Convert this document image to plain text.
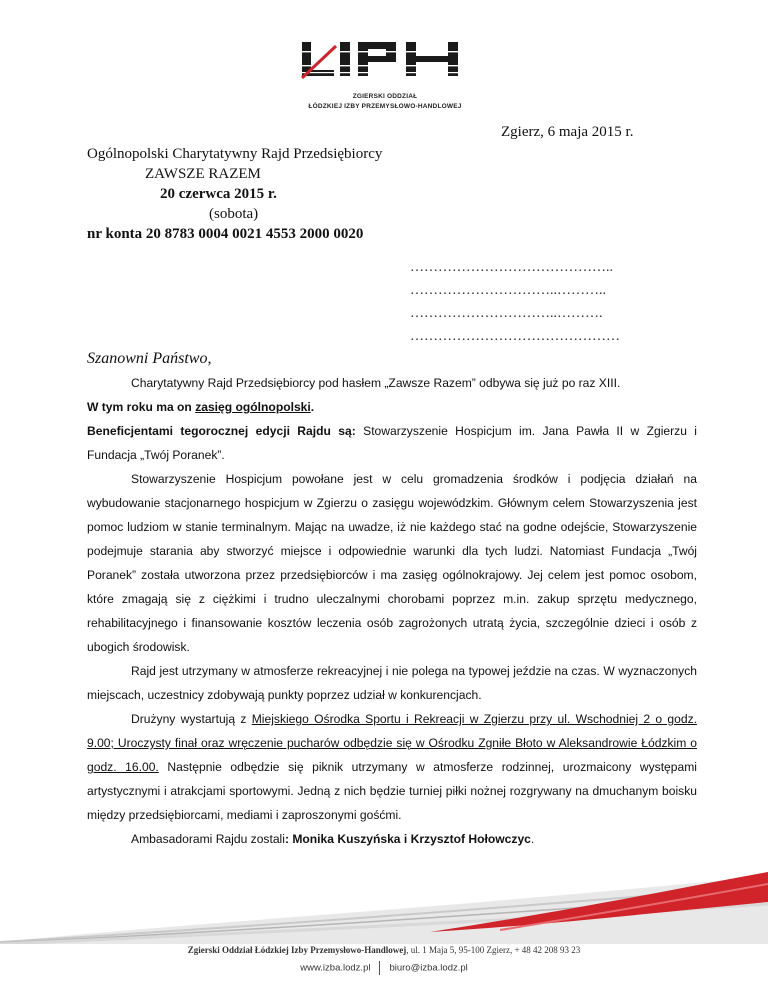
ZGIERSKI ODDZIAŁ
ŁÓDZKIEJ IZBY PRZEMYSŁOWO-HANDLOWEJ
Zgierz, 6 maja 2015 r.
Ogólnopolski Charytatywny Rajd Przedsiębiorcy
ZAWSZE RAZEM
20 czerwca 2015 r.
(sobota)
nr konta 20 8783 0004 0021 4553 2000 0020
……………………………………..
…………………………..………..
…………………………..……….
………………………………………
Szanowni Państwo,

Charytatywny Rajd Przedsiębiorcy pod hasłem „Zawsze Razem” odbywa się już po raz XIII.

W tym roku ma on zasięg ogólnopolski.

Beneficjentami tegorocznej edycji Rajdu są: Stowarzyszenie Hospicjum im. Jana Pawła II w Zgierzu i Fundacja „Twój Poranek”.

Stowarzyszenie Hospicjum powołane jest w celu gromadzenia środków i podjęcia działań na wybudowanie stacjonarnego hospicjum w Zgierzu o zasięgu wojewódzkim. Głównym celem Stowarzyszenia jest pomoc ludziom w stanie terminalnym. Mając na uwadze, iż nie każdego stać na godne odejście, Stowarzyszenie podejmuje starania aby stworzyć miejsce i odpowiednie warunki dla tych ludzi. Natomiast Fundacja „Twój Poranek” została utworzona przez przedsiębiorców i ma zasięg ogólnokrajowy. Jej celem jest pomoc osobom, które zmagają się z ciężkimi i trudno uleczalnymi chorobami poprzez m.in. zakup sprzętu medycznego, rehabilitacyjnego i finansowanie kosztów leczenia osób zagrożonych utratą życia, szczególnie dzieci i osób z ubogich środowisk.

Rajd jest utrzymany w atmosferze rekreacyjnej i nie polega na typowej jeździe na czas. W wyznaczonych miejscach, uczestnicy zdobywają punkty poprzez udział w konkurencjach.

Drużyny wystartują z Miejskiego Ośrodka Sportu i Rekreacji w Zgierzu przy ul. Wschodniej 2 o godz. 9.00; Uroczysty finał oraz wręczenie pucharów odbędzie się w Ośrodku Zgniłe Błoto w Aleksandrowie Łódzkim o godz. 16.00. Następnie odbędzie się piknik utrzymany w atmosferze rodzinnej, urozmaicony występami artystycznymi i atrakcjami sportowymi. Jedną z nich będzie turniej piłki nożnej rozgrywany na dmuchanym boisku między przedsiębiorcami, mediami i zaproszonymi gośćmi.

Ambasadorami Rajdu zostali: Monika Kuszyńska i Krzysztof Hołowczyc.

Zgierski Oddział Łódzkiej Izby Przemysłowo-Handlowej, ul. 1 Maja 5, 95-100 Zgierz, + 48 42 208 93 23
www.izba.lodz.pl biuro@izba.lodz.pl
